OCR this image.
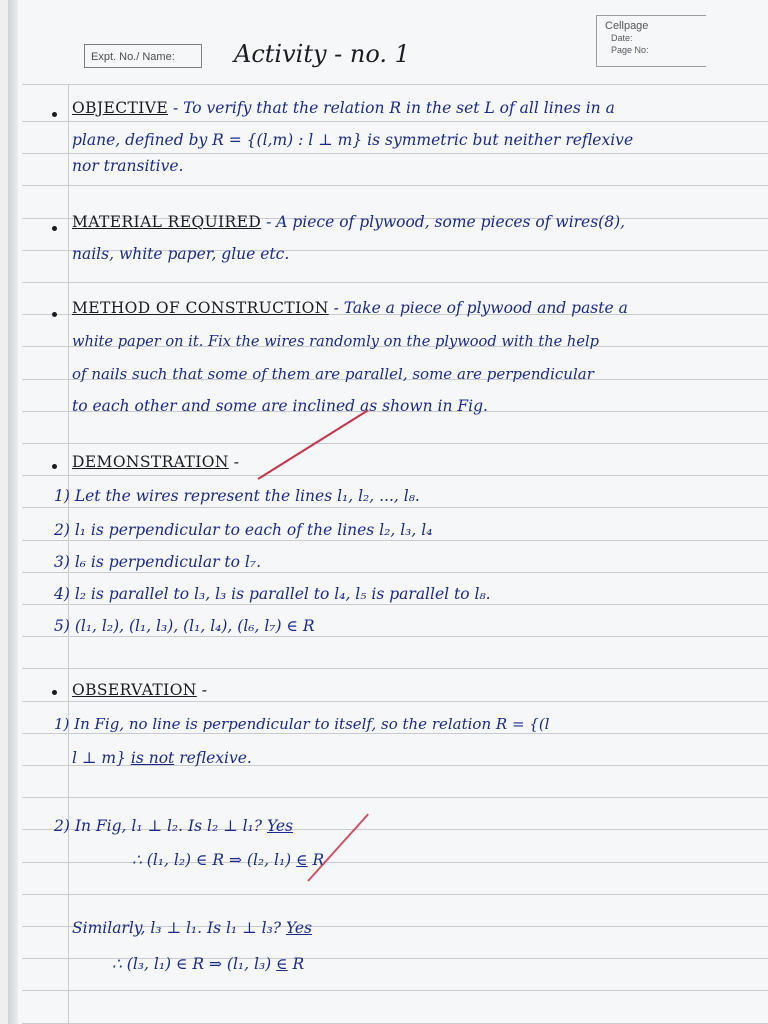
Expt. No./ Name:
Cellpage
Date:
Page No:
Activity - no. 1
OBJECTIVE - To verify that the relation R in the set L of all lines in a
plane, defined by R = {(l,m) : l ⊥ m} is symmetric but neither reflexive
nor transitive.
MATERIAL REQUIRED - A piece of plywood, some pieces of wires(8),
nails, white paper, glue etc.
METHOD OF CONSTRUCTION - Take a piece of plywood and paste a
white paper on it. Fix the wires randomly on the plywood with the help
of nails such that some of them are parallel, some are perpendicular
to each other and some are inclined as shown in Fig.
DEMONSTRATION -
1) Let the wires represent the lines l₁, l₂, ..., l₈.
2) l₁ is perpendicular to each of the lines l₂, l₃, l₄
3) l₆ is perpendicular to l₇.
4) l₂ is parallel to l₃, l₃ is parallel to l₄, l₅ is parallel to l₈.
5) (l₁, l₂), (l₁, l₃), (l₁, l₄), (l₆, l₇) ∈ R
OBSERVATION -
1) In Fig, no line is perpendicular to itself, so the relation R = {(l
l ⊥ m} is not reflexive.
2) In Fig, l₁ ⊥ l₂. Is l₂ ⊥ l₁? Yes
∴ (l₁, l₂) ∈ R ⇒ (l₂, l₁) ∈ R
Similarly, l₃ ⊥ l₁. Is l₁ ⊥ l₃? Yes
∴ (l₃, l₁) ∈ R ⇒ (l₁, l₃) ∈ R
